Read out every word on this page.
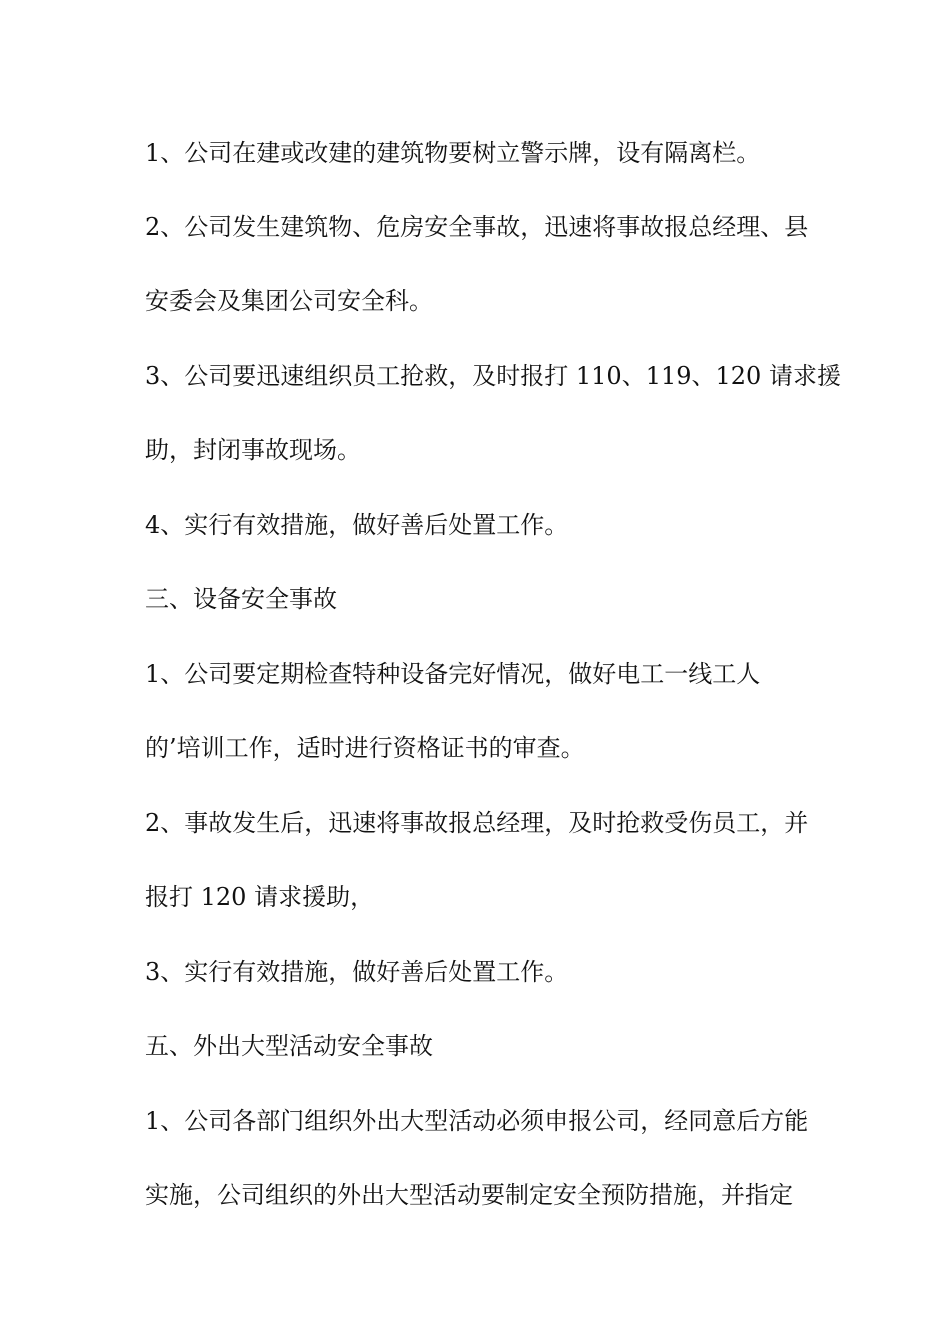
1、公司在建或改建的建筑物要树立警示牌，设有隔离栏。
2、公司发生建筑物、危房安全事故，迅速将事故报总经理、县
安委会及集团公司安全科。
3、公司要迅速组织员工抢救，及时报打 110、119、120 请求援
助，封闭事故现场。
4、实行有效措施，做好善后处置工作。
三、设备安全事故
1、公司要定期检查特种设备完好情况，做好电工一线工人
的’培训工作，适时进行资格证书的审查。
2、事故发生后，迅速将事故报总经理，及时抢救受伤员工，并
报打 120 请求援助，
3、实行有效措施，做好善后处置工作。
五、外出大型活动安全事故
1、公司各部门组织外出大型活动必须申报公司，经同意后方能
实施，公司组织的外出大型活动要制定安全预防措施，并指定
